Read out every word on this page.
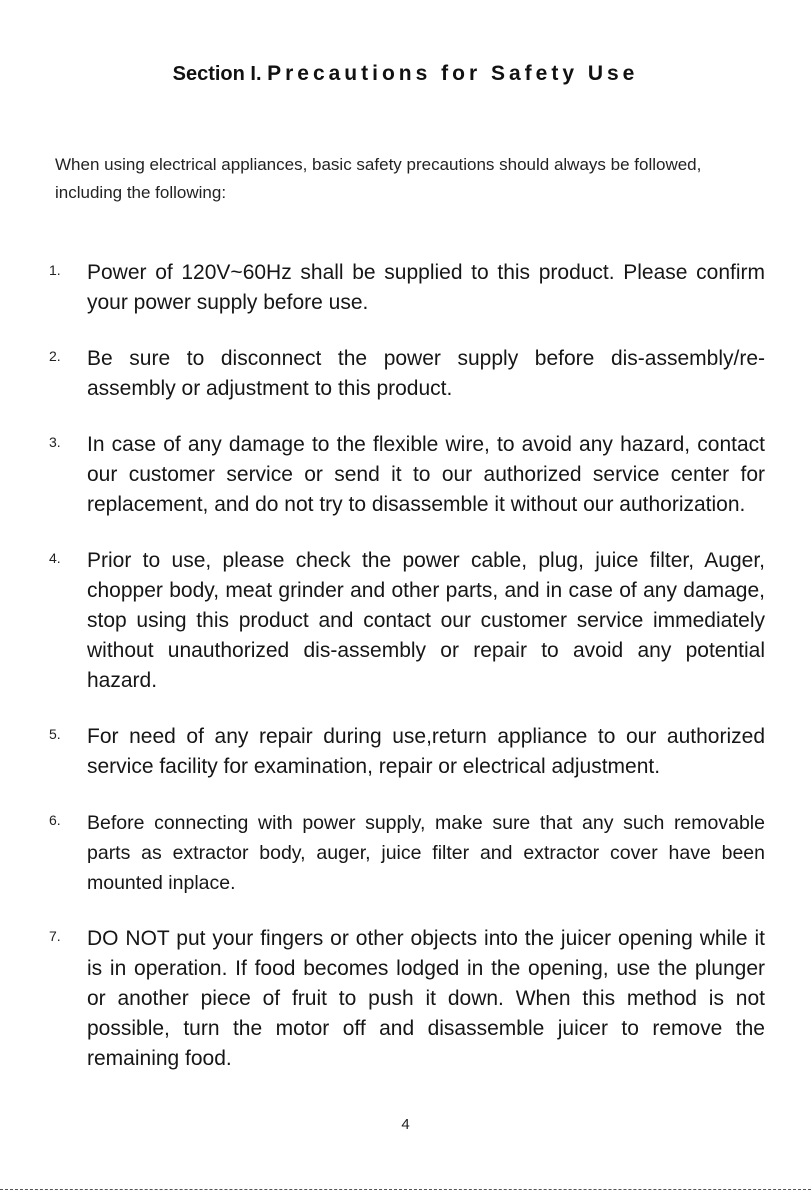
Section I. Precautions for Safety Use
When using electrical appliances, basic safety precautions should always be followed, including the following:
1. Power of 120V~60Hz shall be supplied to this product. Please confirm your power supply before use.
2. Be sure to disconnect the power supply before dis-assembly/re-assembly or adjustment to this product.
3. In case of any damage to the flexible wire, to avoid any hazard, contact our customer service or send it to our authorized service center for replacement, and do not try to disassemble it without our authorization.
4. Prior to use, please check the power cable, plug, juice filter, Auger, chopper body, meat grinder and other parts, and in case of any damage, stop using this product and contact our customer service immediately without unauthorized dis-assembly or repair to avoid any potential hazard.
5. For need of any repair during use,return appliance to our authorized service facility for examination, repair or electrical adjustment.
6. Before connecting with power supply, make sure that any such removable parts as extractor body, auger, juice filter and extractor cover have been mounted inplace.
7. DO NOT put your fingers or other objects into the juicer opening while it is in operation. If food becomes lodged in the opening, use the plunger or another piece of fruit to push it down. When this method is not possible, turn the motor off and disassemble juicer to remove the remaining food.
4
